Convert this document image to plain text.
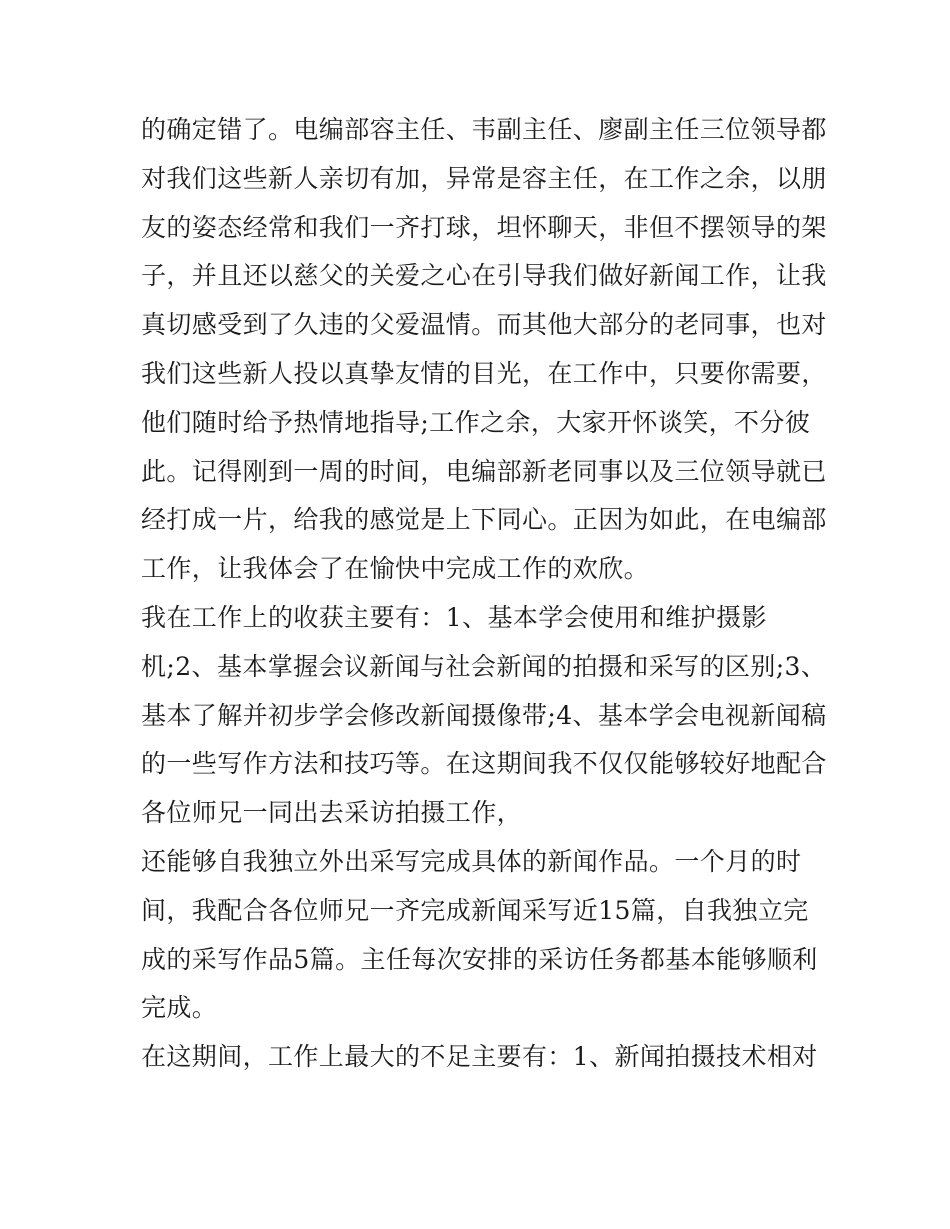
的确定错了。电编部容主任、韦副主任、廖副主任三位领导都
对我们这些新人亲切有加，异常是容主任，在工作之余，以朋
友的姿态经常和我们一齐打球，坦怀聊天，非但不摆领导的架
子，并且还以慈父的关爱之心在引导我们做好新闻工作，让我
真切感受到了久违的父爱温情。而其他大部分的老同事，也对
我们这些新人投以真挚友情的目光，在工作中，只要你需要，
他们随时给予热情地指导;工作之余，大家开怀谈笑，不分彼
此。记得刚到一周的时间，电编部新老同事以及三位领导就已
经打成一片，给我的感觉是上下同心。正因为如此，在电编部
工作，让我体会了在愉快中完成工作的欢欣。
我在工作上的收获主要有：1、基本学会使用和维护摄影
机;2、基本掌握会议新闻与社会新闻的拍摄和采写的区别;3、
基本了解并初步学会修改新闻摄像带;4、基本学会电视新闻稿
的一些写作方法和技巧等。在这期间我不仅仅能够较好地配合
各位师兄一同出去采访拍摄工作，
还能够自我独立外出采写完成具体的新闻作品。一个月的时
间，我配合各位师兄一齐完成新闻采写近15篇，自我独立完
成的采写作品5篇。主任每次安排的采访任务都基本能够顺利
完成。
在这期间，工作上最大的不足主要有：1、新闻拍摄技术相对
